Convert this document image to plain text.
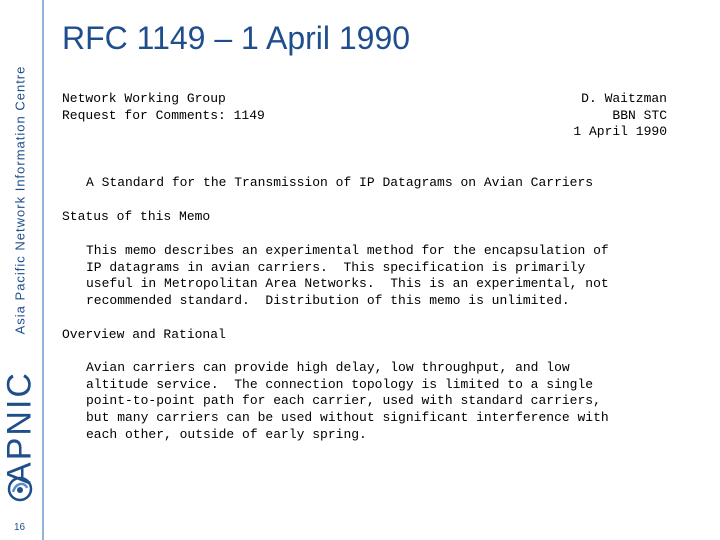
Asia Pacific Network Information Centre
APNIC
16
RFC 1149 – 1 April 1990
Network Working Group
Request for Comments: 1149
D. Waitzman
BBN STC
1 April 1990
A Standard for the Transmission of IP Datagrams on Avian Carriers
Status of this Memo
This memo describes an experimental method for the encapsulation of
IP datagrams in avian carriers.  This specification is primarily
useful in Metropolitan Area Networks.  This is an experimental, not
recommended standard.  Distribution of this memo is unlimited.
Overview and Rational
Avian carriers can provide high delay, low throughput, and low
altitude service.  The connection topology is limited to a single
point-to-point path for each carrier, used with standard carriers,
but many carriers can be used without significant interference with
each other, outside of early spring.
